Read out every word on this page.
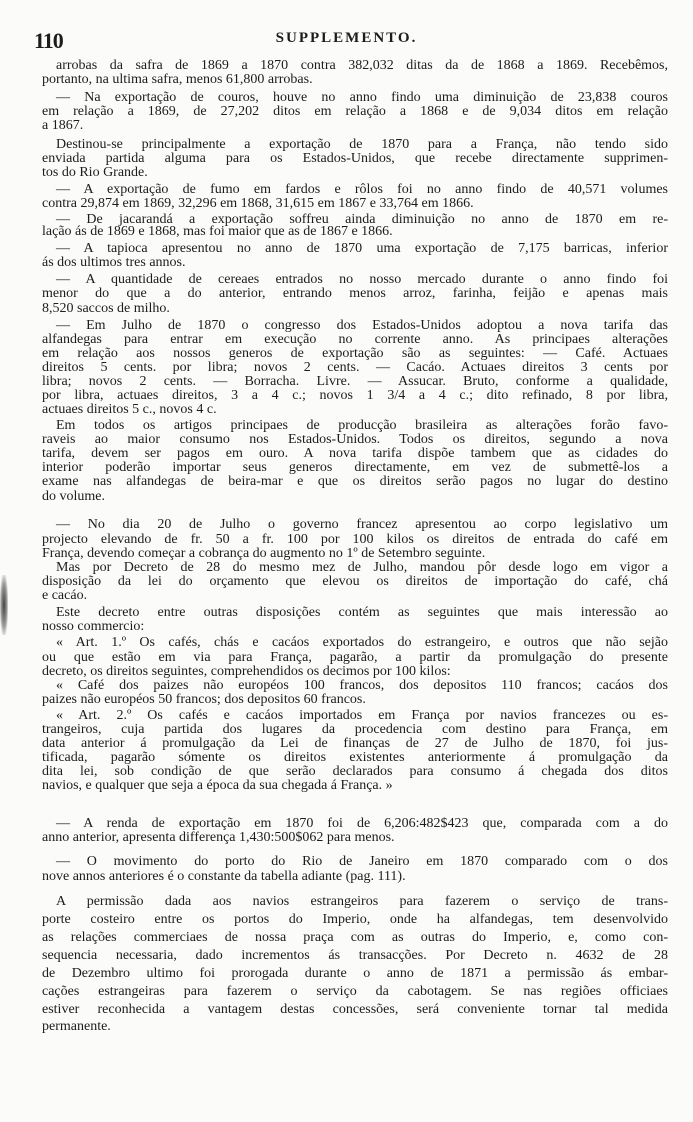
110	SUPPLEMENTO.
arrobas da safra de 1869 a 1870 contra 382,032 ditas da de 1868 a 1869. Recebêmos,
portanto, na ultima safra, menos 61,800 arrobas.
— Na exportação de couros, houve no anno findo uma diminuição de 23,838 couros
em relação a 1869, de 27,202 ditos em relação a 1868 e de 9,034 ditos em relação
a 1867.
Destinou-se principalmente a exportação de 1870 para a França, não tendo sido
enviada partida alguma para os Estados-Unidos, que recebe directamente supprimen-
tos do Rio Grande.
— A exportação de fumo em fardos e rôlos foi no anno findo de 40,571 volumes
contra 29,874 em 1869, 32,296 em 1868, 31,615 em 1867 e 33,764 em 1866.
— De jacarandá a exportação soffreu ainda diminuição no anno de 1870 em re-
lação ás de 1869 e 1868, mas foi maior que as de 1867 e 1866.
— A tapioca apresentou no anno de 1870 uma exportação de 7,175 barricas, inferior
ás dos ultimos tres annos.
— A quantidade de cereaes entrados no nosso mercado durante o anno findo foi
menor do que a do anterior, entrando menos arroz, farinha, feijão e apenas mais
8,520 saccos de milho.
— Em Julho de 1870 o congresso dos Estados-Unidos adoptou a nova tarifa das
alfandegas para entrar em execução no corrente anno. As principaes alterações
em relação aos nossos generos de exportação são as seguintes: — Café. Actuaes
direitos 5 cents. por libra; novos 2 cents. — Cacáo. Actuaes direitos 3 cents por
libra; novos 2 cents. — Borracha. Livre. — Assucar. Bruto, conforme a qualidade,
por libra, actuaes direitos, 3 a 4 c.; novos 1 3/4 a 4 c.; dito refinado, 8 por libra,
actuaes direitos 5 c., novos 4 c.
Em todos os artigos principaes de producção brasileira as alterações forão favo-
raveis ao maior consumo nos Estados-Unidos. Todos os direitos, segundo a nova
tarifa, devem ser pagos em ouro. A nova tarifa dispõe tambem que as cidades do
interior poderão importar seus generos directamente, em vez de submettê-los a
exame nas alfandegas de beira-mar e que os direitos serão pagos no lugar do destino
do volume.
— No dia 20 de Julho o governo francez apresentou ao corpo legislativo um
projecto elevando de fr. 50 a fr. 100 por 100 kilos os direitos de entrada do café em
França, devendo começar a cobrança do augmento no 1º de Setembro seguinte.
Mas por Decreto de 28 do mesmo mez de Julho, mandou pôr desde logo em vigor a
disposição da lei do orçamento que elevou os direitos de importação do café, chá
e cacáo.
Este decreto entre outras disposições contém as seguintes que mais interessão ao
nosso commercio:
« Art. 1.º Os cafés, chás e cacáos exportados do estrangeiro, e outros que não sejão
ou que estão em via para França, pagarão, a partir da promulgação do presente
decreto, os direitos seguintes, comprehendidos os decimos por 100 kilos:
« Café dos paizes não européos 100 francos, dos depositos 110 francos; cacáos dos
paizes não européos 50 francos; dos depositos 60 francos.
« Art. 2.º Os cafés e cacáos importados em França por navios francezes ou es-
trangeiros, cuja partida dos lugares da procedencia com destino para França, em
data anterior á promulgação da Lei de finanças de 27 de Julho de 1870, foi jus-
tificada, pagarão sómente os direitos existentes anteriormente á promulgação da
dita lei, sob condição de que serão declarados para consumo á chegada dos ditos
navios, e qualquer que seja a época da sua chegada á França. »
— A renda de exportação em 1870 foi de 6,206:482$423 que, comparada com a do
anno anterior, apresenta differença 1,430:500$062 para menos.
— O movimento do porto do Rio de Janeiro em 1870 comparado com o dos
nove annos anteriores é o constante da tabella adiante (pag. 111).
A permissão dada aos navios estrangeiros para fazerem o serviço de trans-
porte costeiro entre os portos do Imperio, onde ha alfandegas, tem desenvolvido
as relações commerciaes de nossa praça com as outras do Imperio, e, como con-
sequencia necessaria, dado incrementos ás transacções. Por Decreto n. 4632 de 28
de Dezembro ultimo foi prorogada durante o anno de 1871 a permissão ás embar-
cações estrangeiras para fazerem o serviço da cabotagem. Se nas regiões officiaes
estiver reconhecida a vantagem destas concessões, será conveniente tornar tal medida
permanente.
